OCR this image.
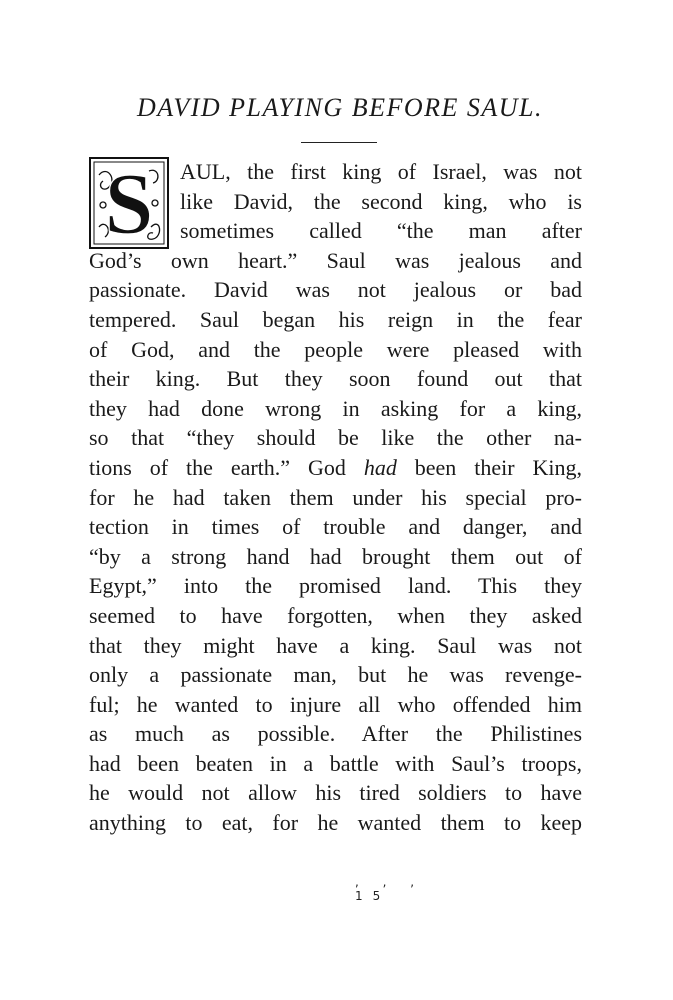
DAVID PLAYING BEFORE SAUL.
S	AUL, the first king of Israel, was not
like David, the second king, who is
sometimes called “the man after
God’s own heart.” Saul was jealous and
passionate. David was not jealous or bad
tempered. Saul began his reign in the fear
of God, and the people were pleased with
their king. But they soon found out that
they had done wrong in asking for a king,
so that “they should be like the other na-
tions of the earth.” God had been their King,
for he had taken them under his special pro-
tection in times of trouble and danger, and
“by a strong hand had brought them out of
Egypt,” into the promised land. This they
seemed to have forgotten, when they asked
that they might have a king. Saul was not
only a passionate man, but he was revenge-
ful; he wanted to injure all who offended him
as much as possible. After the Philistines
had been beaten in a battle with Saul’s troops,
he would not allow his tired soldiers to have
anything to eat, for he wanted them to keep
, , , 15
